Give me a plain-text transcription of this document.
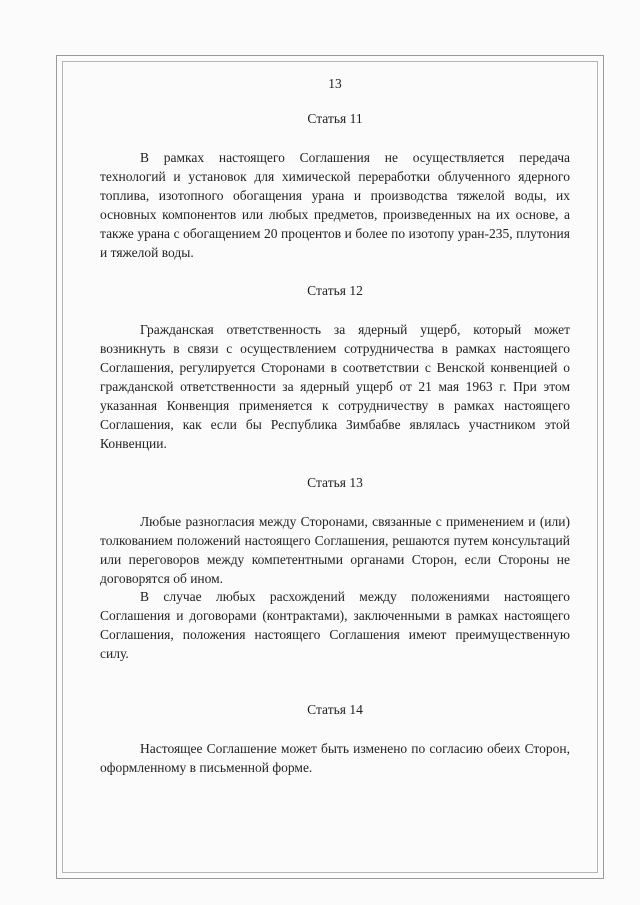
13
Статья 11

В рамках настоящего Соглашения не осуществляется передача технологий и установок для химической переработки облученного ядерного топлива, изотопного обогащения урана и производства тяжелой воды, их основных компонентов или любых предметов, произведенных на их основе, а также урана с обогащением 20 процентов и более по изотопу уран-235, плутония и тяжелой воды.

Статья 12

Гражданская ответственность за ядерный ущерб, который может возникнуть в связи с осуществлением сотрудничества в рамках настоящего Соглашения, регулируется Сторонами в соответствии с Венской конвенцией о гражданской ответственности за ядерный ущерб от 21 мая 1963 г. При этом указанная Конвенция применяется к сотрудничеству в рамках настоящего Соглашения, как если бы Республика Зимбабве являлась участником этой Конвенции.

Статья 13

Любые разногласия между Сторонами, связанные с применением и (или) толкованием положений настоящего Соглашения, решаются путем консультаций или переговоров между компетентными органами Сторон, если Стороны не договорятся об ином.

В случае любых расхождений между положениями настоящего Соглашения и договорами (контрактами), заключенными в рамках настоящего Соглашения, положения настоящего Соглашения имеют преимущественную силу.

Статья 14

Настоящее Соглашение может быть изменено по согласию обеих Сторон, оформленному в письменной форме.
